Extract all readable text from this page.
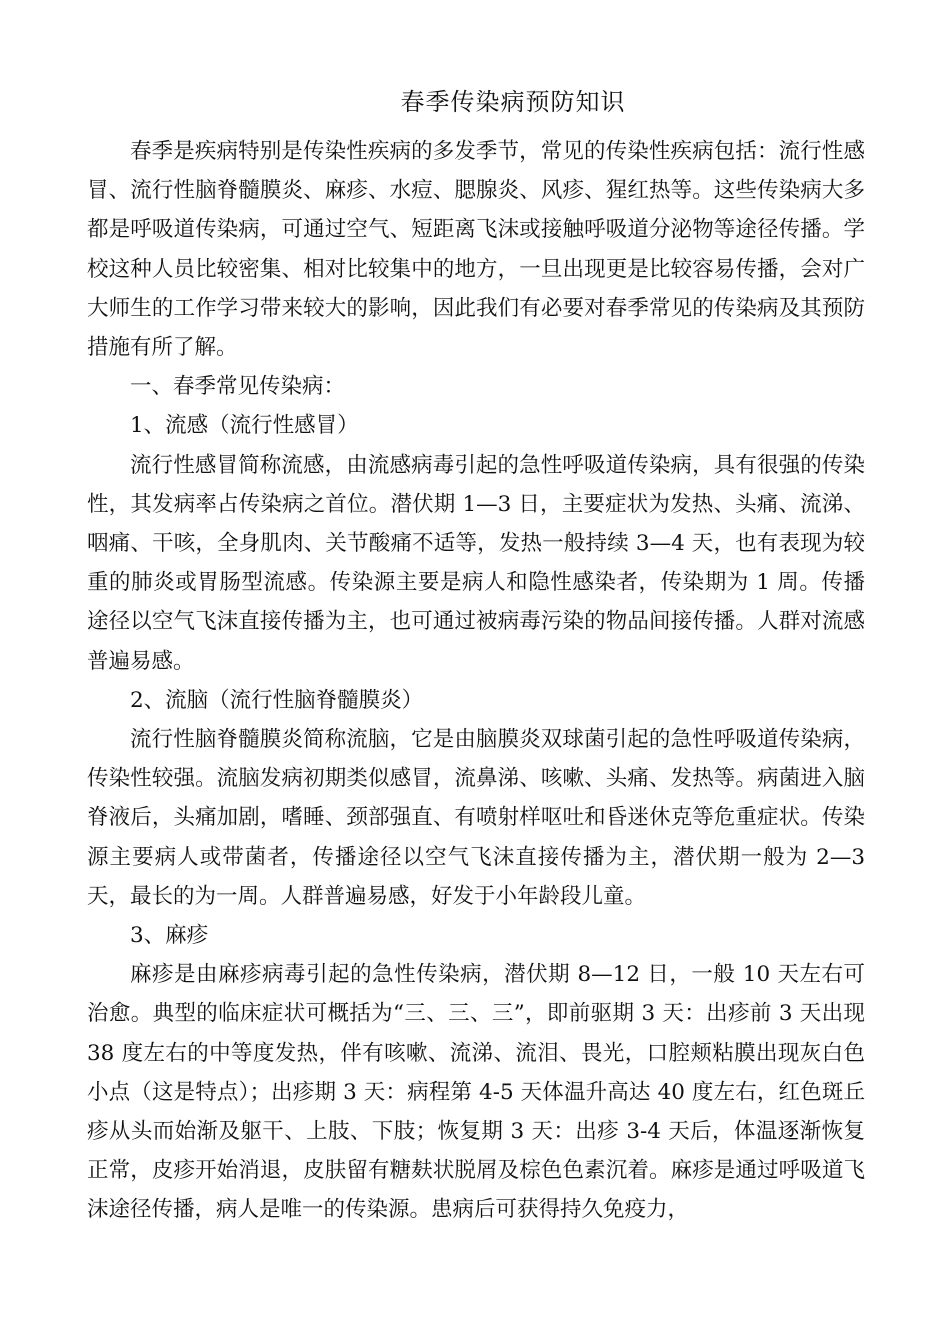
春季传染病预防知识

春季是疾病特别是传染性疾病的多发季节，常见的传染性疾病包括：流行性感冒、流行性脑脊髓膜炎、麻疹、水痘、腮腺炎、风疹、猩红热等。这些传染病大多都是呼吸道传染病，可通过空气、短距离飞沫或接触呼吸道分泌物等途径传播。学校这种人员比较密集、相对比较集中的地方，一旦出现更是比较容易传播，会对广大师生的工作学习带来较大的影响，因此我们有必要对春季常见的传染病及其预防措施有所了解。

一、春季常见传染病：

1、流感（流行性感冒）

流行性感冒简称流感，由流感病毒引起的急性呼吸道传染病，具有很强的传染性，其发病率占传染病之首位。潜伏期 1—3 日，主要症状为发热、头痛、流涕、咽痛、干咳，全身肌肉、关节酸痛不适等，发热一般持续 3—4 天，也有表现为较重的肺炎或胃肠型流感。传染源主要是病人和隐性感染者，传染期为 1 周。传播途径以空气飞沫直接传播为主，也可通过被病毒污染的物品间接传播。人群对流感普遍易感。

2、流脑（流行性脑脊髓膜炎）

流行性脑脊髓膜炎简称流脑，它是由脑膜炎双球菌引起的急性呼吸道传染病，传染性较强。流脑发病初期类似感冒，流鼻涕、咳嗽、头痛、发热等。病菌进入脑脊液后，头痛加剧，嗜睡、颈部强直、有喷射样呕吐和昏迷休克等危重症状。传染源主要病人或带菌者，传播途径以空气飞沫直接传播为主，潜伏期一般为 2—3 天，最长的为一周。人群普遍易感，好发于小年龄段儿童。

3、麻疹

麻疹是由麻疹病毒引起的急性传染病，潜伏期 8—12 日，一般 10 天左右可治愈。典型的临床症状可概括为“三、三、三”，即前驱期 3 天：出疹前 3 天出现 38 度左右的中等度发热，伴有咳嗽、流涕、流泪、畏光，口腔颊粘膜出现灰白色小点（这是特点）；出疹期 3 天：病程第 4-5 天体温升高达 40 度左右，红色斑丘疹从头而始渐及躯干、上肢、下肢；恢复期 3 天：出疹 3-4 天后，体温逐渐恢复正常，皮疹开始消退，皮肤留有糖麸状脱屑及棕色色素沉着。麻疹是通过呼吸道飞沫途径传播，病人是唯一的传染源。患病后可获得持久免疫力，
